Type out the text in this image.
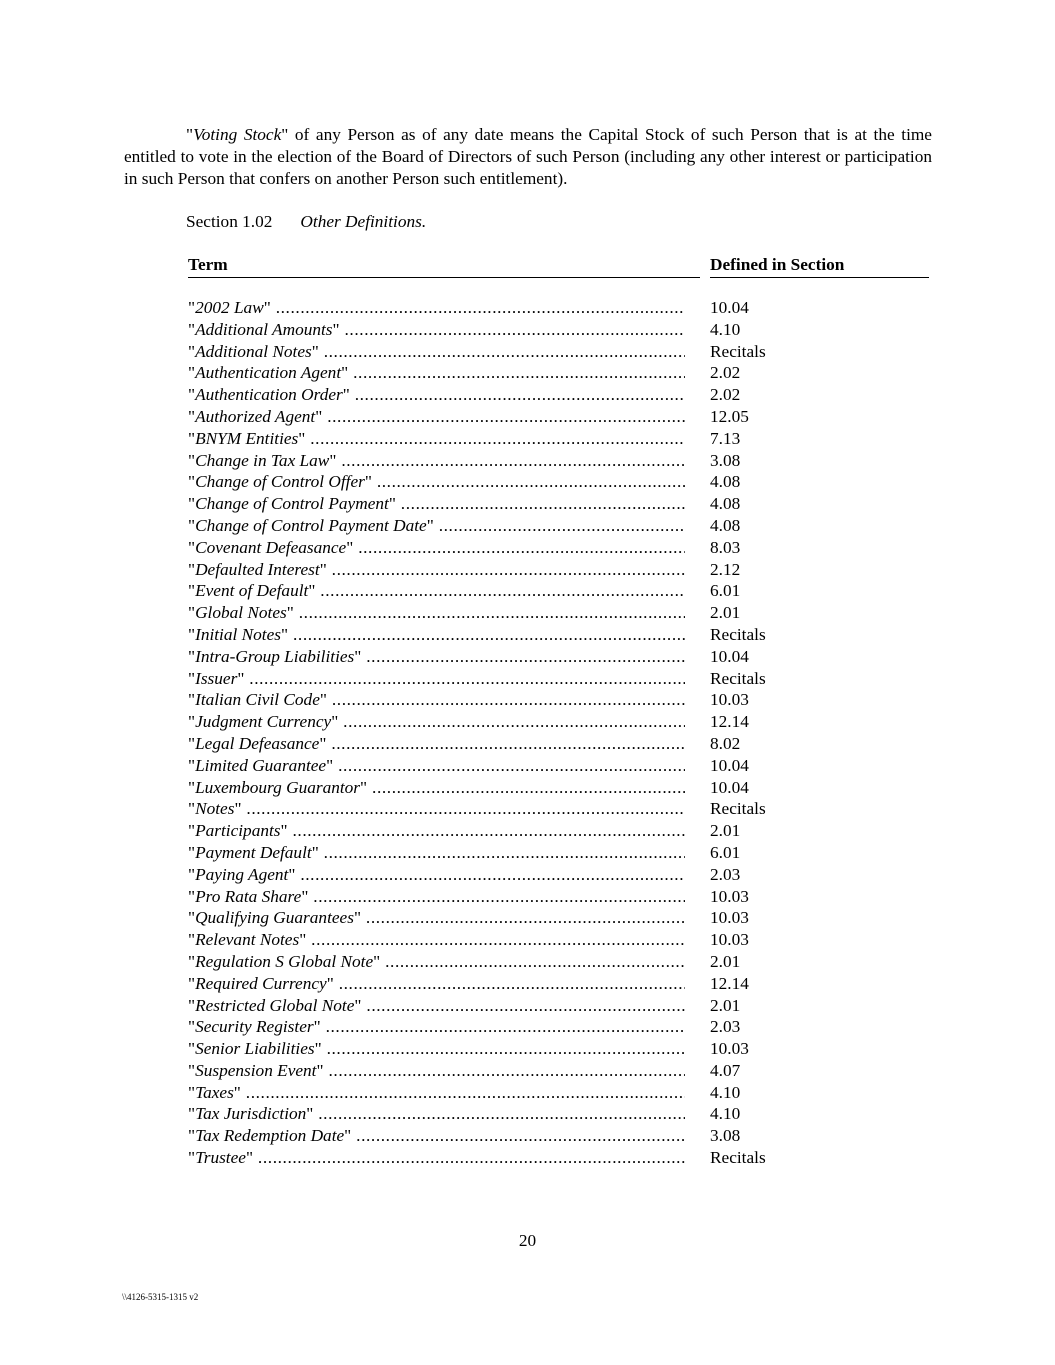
"Voting Stock" of any Person as of any date means the Capital Stock of such Person that is at the time entitled to vote in the election of the Board of Directors of such Person (including any other interest or participation in such Person that confers on another Person such entitlement).

Section 1.02 Other Definitions.
Term	Defined in Section
"2002 Law" .....	10.04
"Additional Amounts" .....	4.10
"Additional Notes" .....	Recitals
"Authentication Agent" .....	2.02
"Authentication Order" .....	2.02
"Authorized Agent" .....	12.05
"BNYM Entities" .....	7.13
"Change in Tax Law" .....	3.08
"Change of Control Offer" .....	4.08
"Change of Control Payment" .....	4.08
"Change of Control Payment Date" .....	4.08
"Covenant Defeasance" .....	8.03
"Defaulted Interest" .....	2.12
"Event of Default" .....	6.01
"Global Notes" .....	2.01
"Initial Notes" .....	Recitals
"Intra-Group Liabilities" .....	10.04
"Issuer" .....	Recitals
"Italian Civil Code" .....	10.03
"Judgment Currency" .....	12.14
"Legal Defeasance" .....	8.02
"Limited Guarantee" .....	10.04
"Luxembourg Guarantor" .....	10.04
"Notes" .....	Recitals
"Participants" .....	2.01
"Payment Default" .....	6.01
"Paying Agent" .....	2.03
"Pro Rata Share" .....	10.03
"Qualifying Guarantees" .....	10.03
"Relevant Notes" .....	10.03
"Regulation S Global Note" .....	2.01
"Required Currency" .....	12.14
"Restricted Global Note" .....	2.01
"Security Register" .....	2.03
"Senior Liabilities" .....	10.03
"Suspension Event" .....	4.07
"Taxes" .....	4.10
"Tax Jurisdiction" .....	4.10
"Tax Redemption Date" .....	3.08
"Trustee" .....	Recitals
20
\\4126-5315-1315 v2
